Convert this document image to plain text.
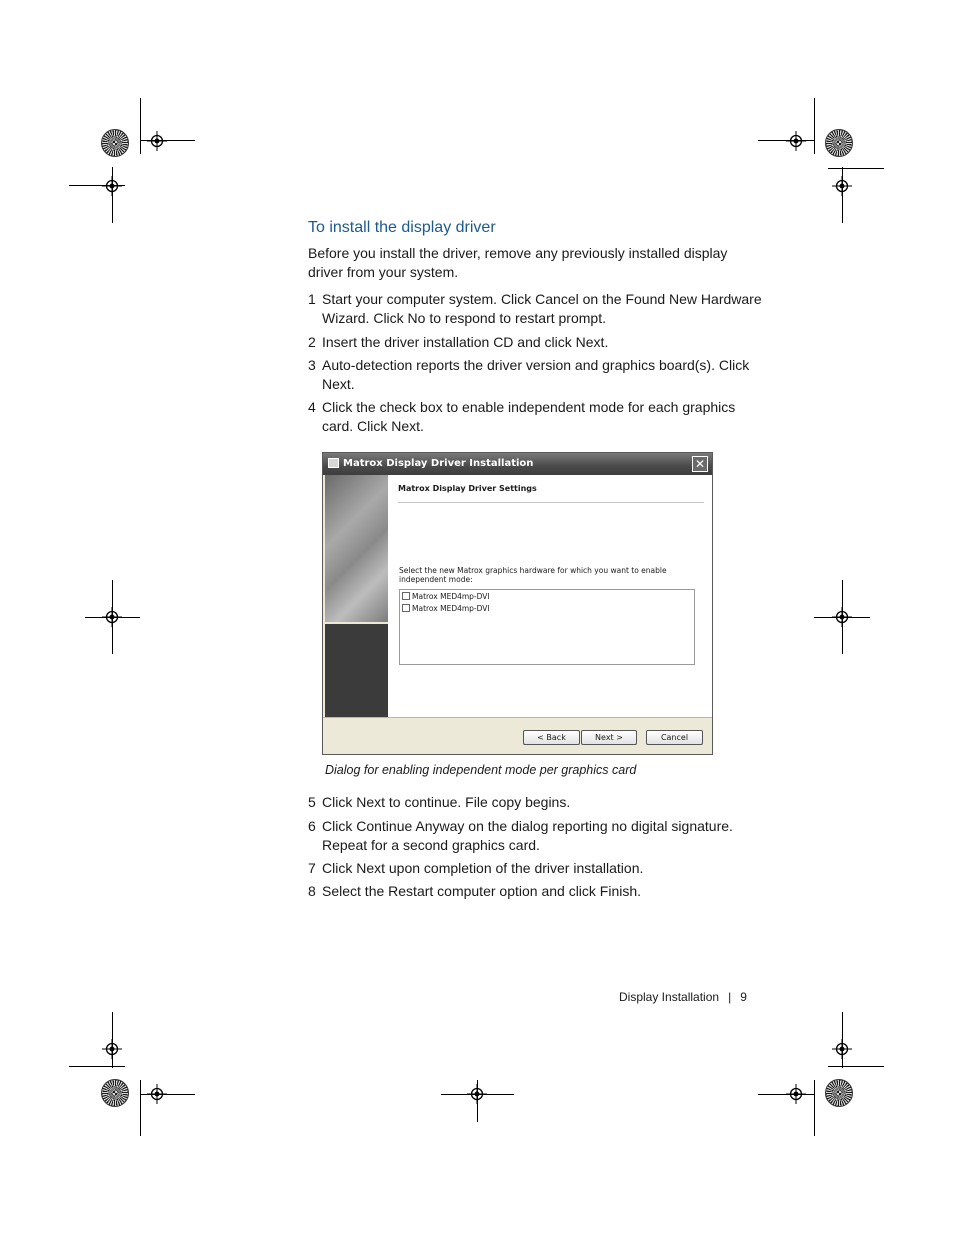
To install the display driver
Before you install the driver, remove any previously installed display driver from your system.
1 Start your computer system. Click Cancel on the Found New Hardware Wizard. Click No to respond to restart prompt.
2 Insert the driver installation CD and click Next.
3 Auto-detection reports the driver version and graphics board(s). Click Next.
4 Click the check box to enable independent mode for each graphics card. Click Next.
Matrox Display Driver Installation	✕
Matrox Display Driver Settings
Select the new Matrox graphics hardware for which you want to enable independent mode:
Matrox MED4mp-DVI
Matrox MED4mp-DVI
< Back	Next >	Cancel
Dialog for enabling independent mode per graphics card
5 Click Next to continue. File copy begins.
6 Click Continue Anyway on the dialog reporting no digital signature. Repeat for a second graphics card.
7 Click Next upon completion of the driver installation.
8 Select the Restart computer option and click Finish.
Display Installation | 9
